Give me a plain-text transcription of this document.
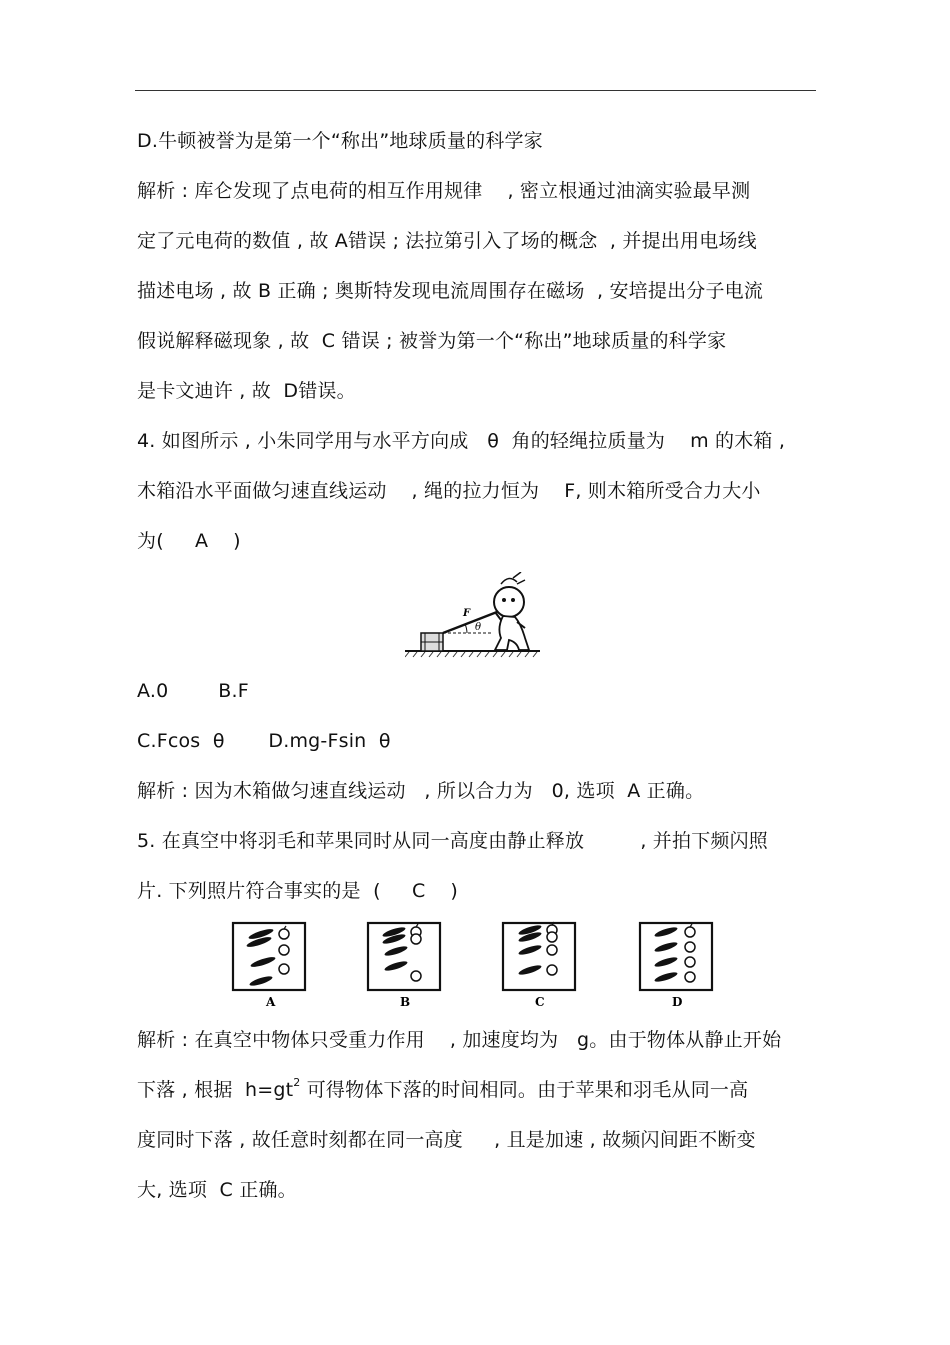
D.牛顿被誉为是第一个“称出”地球质量的科学家
解析 : 库仑发现了点电荷的相互作用规律    , 密立根通过油滴实验最早测
定了元电荷的数值 , 故 A错误 ; 法拉第引入了场的概念  , 并提出用电场线
描述电场 , 故 B 正确 ; 奥斯特发现电流周围存在磁场  , 安培提出分子电流
假说解释磁现象 , 故  C 错误 ; 被誉为第一个“称出”地球质量的科学家
是卡文迪许 , 故  D错误。
4. 如图所示 , 小朱同学用与水平方向成   θ  角的轻绳拉质量为    m 的木箱 ,
木箱沿水平面做匀速直线运动    , 绳的拉力恒为    F, 则木箱所受合力大小
为(     A    )
F
θ
A.0        B.F
C.Fcos  θ       D.mg-Fsin  θ
解析 : 因为木箱做匀速直线运动   , 所以合力为   0, 选项  A 正确。
5. 在真空中将羽毛和苹果同时从同一高度由静止释放         , 并拍下频闪照
片. 下列照片符合事实的是  (     C    )
A	B	C	D
解析 : 在真空中物体只受重力作用    , 加速度均为   g。由于物体从静止开始
下落 , 根据  $h=gt^2$ 可得物体下落的时间相同。由于苹果和羽毛从同一高
度同时下落 , 故任意时刻都在同一高度     , 且是加速 , 故频闪间距不断变
大, 选项  C 正确。
